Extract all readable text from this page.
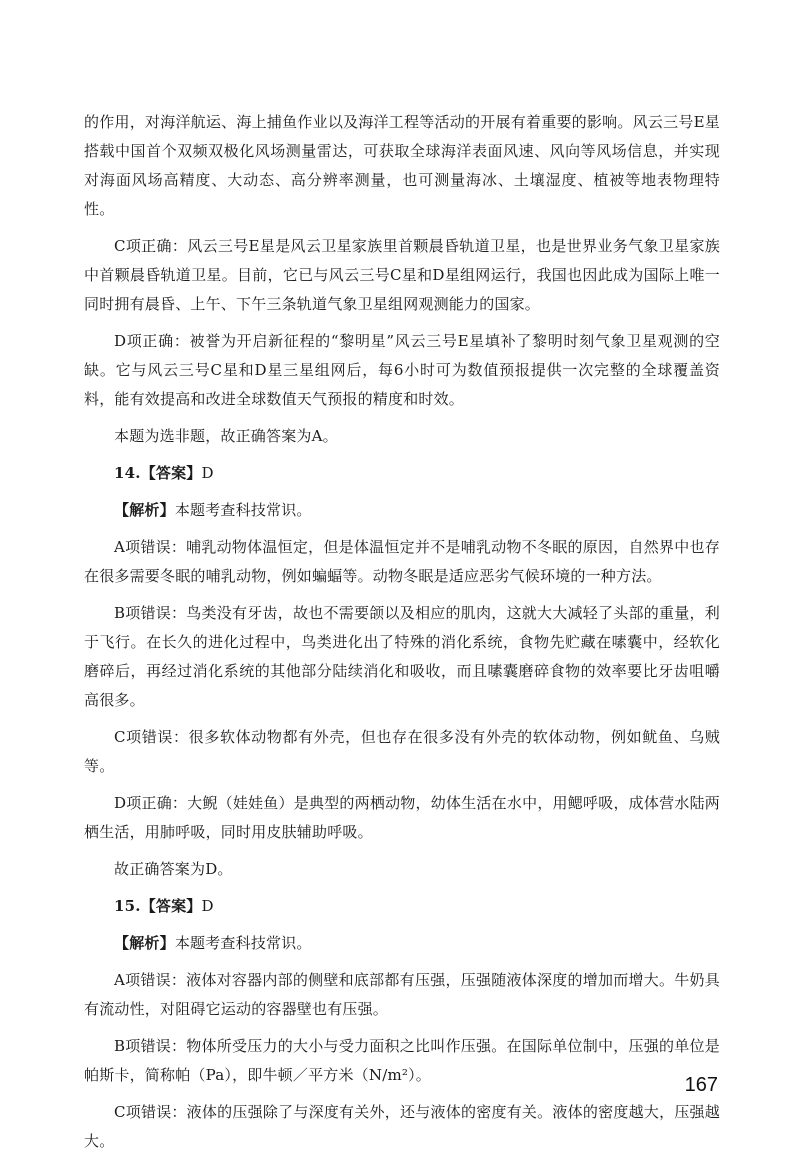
的作用，对海洋航运、海上捕鱼作业以及海洋工程等活动的开展有着重要的影响。风云三号E星搭载中国首个双频双极化风场测量雷达，可获取全球海洋表面风速、风向等风场信息，并实现对海面风场高精度、大动态、高分辨率测量，也可测量海冰、土壤湿度、植被等地表物理特性。

C项正确：风云三号E星是风云卫星家族里首颗晨昏轨道卫星，也是世界业务气象卫星家族中首颗晨昏轨道卫星。目前，它已与风云三号C星和D星组网运行，我国也因此成为国际上唯一同时拥有晨昏、上午、下午三条轨道气象卫星组网观测能力的国家。

D项正确：被誉为开启新征程的“黎明星”风云三号E星填补了黎明时刻气象卫星观测的空缺。它与风云三号C星和D星三星组网后，每6小时可为数值预报提供一次完整的全球覆盖资料，能有效提高和改进全球数值天气预报的精度和时效。

本题为选非题，故正确答案为A。

14.【答案】D

【解析】本题考查科技常识。

A项错误：哺乳动物体温恒定，但是体温恒定并不是哺乳动物不冬眠的原因，自然界中也存在很多需要冬眠的哺乳动物，例如蝙蝠等。动物冬眠是适应恶劣气候环境的一种方法。

B项错误：鸟类没有牙齿，故也不需要颌以及相应的肌肉，这就大大减轻了头部的重量，利于飞行。在长久的进化过程中，鸟类进化出了特殊的消化系统，食物先贮藏在嗉囊中，经软化磨碎后，再经过消化系统的其他部分陆续消化和吸收，而且嗉囊磨碎食物的效率要比牙齿咀嚼高很多。

C项错误：很多软体动物都有外壳，但也存在很多没有外壳的软体动物，例如鱿鱼、乌贼等。

D项正确：大鲵（娃娃鱼）是典型的两栖动物，幼体生活在水中，用鳃呼吸，成体营水陆两栖生活，用肺呼吸，同时用皮肤辅助呼吸。

故正确答案为D。

15.【答案】D

【解析】本题考查科技常识。

A项错误：液体对容器内部的侧壁和底部都有压强，压强随液体深度的增加而增大。牛奶具有流动性，对阻碍它运动的容器壁也有压强。

B项错误：物体所受压力的大小与受力面积之比叫作压强。在国际单位制中，压强的单位是帕斯卡，简称帕（Pa），即牛顿／平方米（N/m²）。

C项错误：液体的压强除了与深度有关外，还与液体的密度有关。液体的密度越大，压强越大。

167
